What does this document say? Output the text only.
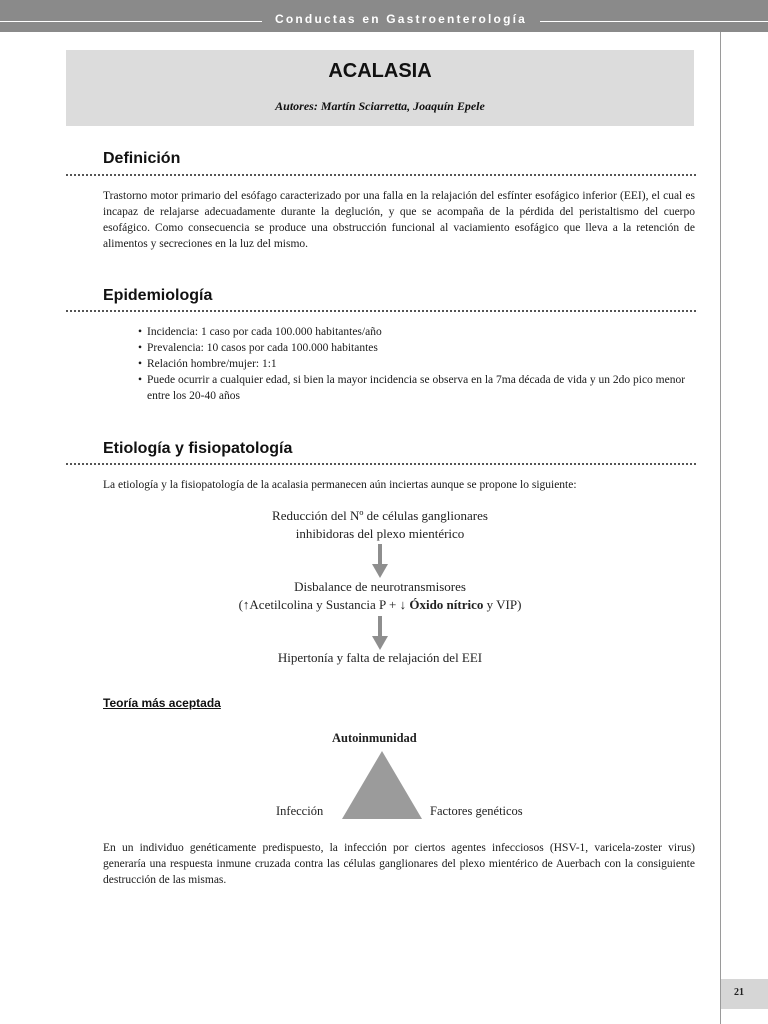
Conductas en Gastroenterología
21
ACALASIA
Autores: Martín Sciarretta, Joaquín Epele
Definición

Trastorno motor primario del esófago caracterizado por una falla en la relajación del esfínter esofágico inferior (EEI), el cual es incapaz de relajarse adecuadamente durante la deglución, y que se acompaña de la pérdida del peristaltismo del cuerpo esofágico. Como consecuencia se produce una obstrucción funcional al vaciamiento esofágico que lleva a la retención de alimentos y secreciones en la luz del mismo.

Epidemiología
• Incidencia: 1 caso por cada 100.000 habitantes/año
• Prevalencia: 10 casos por cada 100.000 habitantes
• Relación hombre/mujer: 1:1
• Puede ocurrir a cualquier edad, si bien la mayor incidencia se observa en la 7ma década de vida y un 2do pico menor entre los 20-40 años
Etiología y fisiopatología

La etiología y la fisiopatología de la acalasia permanecen aún inciertas aunque se propone lo siguiente:

Reducción del Nº de células ganglionares
inhibidoras del plexo mientérico
Disbalance de neurotransmisores
(↑Acetilcolina y Sustancia P + ↓ Óxido nítrico y VIP)
Hipertonía y falta de relajación del EEI
Teoría más aceptada
Autoinmunidad
Infección	Factores genéticos

En un individuo genéticamente predispuesto, la infección por ciertos agentes infecciosos (HSV-1, varicela-zoster virus) generaría una respuesta inmune cruzada contra las células ganglionares del plexo mientérico de Auerbach con la consiguiente destrucción de las mismas.
